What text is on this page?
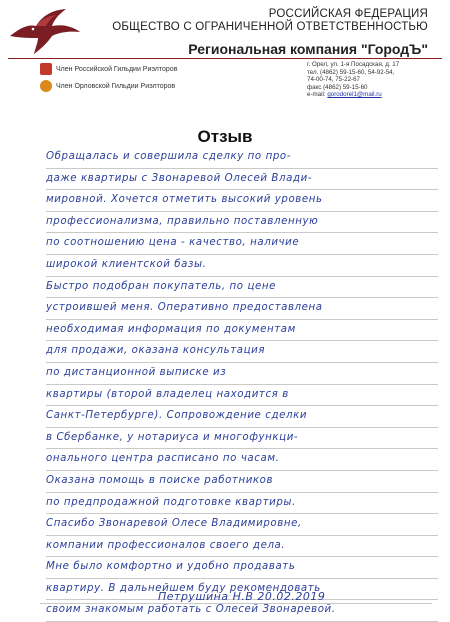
РОССИЙСКАЯ ФЕДЕРАЦИЯ
ОБЩЕСТВО С ОГРАНИЧЕННОЙ ОТВЕТСТВЕННОСТЬЮ
Региональная компания "ГородЪ"
Член Российской Гильдии Риэлторов
Член Орловской Гильдии Риэлторов
г. Орел, ул. 1-я Посадская, д. 17
тел. (4862) 59-15-60, 54-92-54,
74-00-74, 75-22-67
факс (4862) 59-15-60
e-mail: gorodorel1@mail.ru
Отзыв
Обращалась и совершила сделку по про-
даже квартиры с Звонаревой Олесей Влади-
мировной. Хочется отметить высокий уровень
профессионализма, правильно поставленную
по соотношению цена - качество, наличие
широкой клиентской базы.
Быстро подобран покупатель, по цене
устроившей меня. Оперативно предоставлена
необходимая информация по документам
для продажи, оказана консультация
по дистанционной выписке из
квартиры (второй владелец находится в
Санкт-Петербурге). Сопровождение сделки
в Сбербанке, у нотариуса и многофункци-
онального центра расписано по часам.
Оказана помощь в поиске работников
по предпродажной подготовке квартиры.
Спасибо Звонаревой Олесе Владимировне,
компании профессионалов своего дела.
Мне было комфортно и удобно продавать
квартиру. В дальнейшем буду рекомендовать
своим знакомым работать с Олесей Звонаревой.
Петрушина Н.В 20.02.2019
